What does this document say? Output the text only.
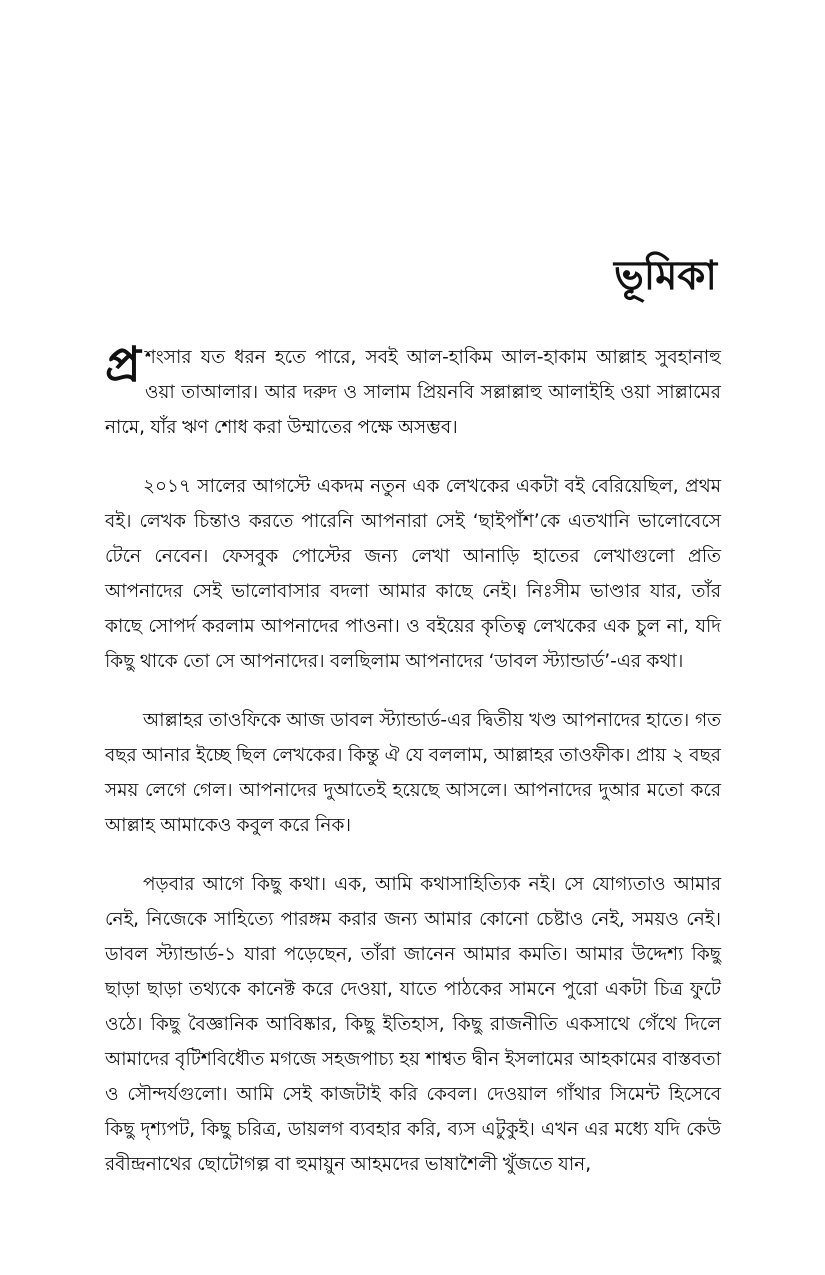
ভূমিকা

প্র শংসার যত ধরন হতে পারে, সবই আল-হাকিম আল-হাকাম আল্লাহ সুবহানাহু ওয়া তাআলার। আর দরুদ ও সালাম প্রিয়নবি সল্লাল্লাহু আলাইহি ওয়া সাল্লামের নামে, যাঁর ঋণ শোধ করা উম্মাতের পক্ষে অসম্ভব।

২০১৭ সালের আগস্টে একদম নতুন এক লেখকের একটা বই বেরিয়েছিল, প্রথম বই। লেখক চিন্তাও করতে পারেনি আপনারা সেই ‘ছাইপাঁশ’কে এতখানি ভালোবেসে টেনে নেবেন। ফেসবুক পোস্টের জন্য লেখা আনাড়ি হাতের লেখাগুলো প্রতি আপনাদের সেই ভালোবাসার বদলা আমার কাছে নেই। নিঃসীম ভাণ্ডার যার, তাঁর কাছে সোপর্দ করলাম আপনাদের পাওনা। ও বইয়ের কৃতিত্ব লেখকের এক চুল না, যদি কিছু থাকে তো সে আপনাদের। বলছিলাম আপনাদের ‘ডাবল স্ট্যান্ডার্ড’-এর কথা।

আল্লাহর তাওফিকে আজ ডাবল স্ট্যান্ডার্ড-এর দ্বিতীয় খণ্ড আপনাদের হাতে। গত বছর আনার ইচ্ছে ছিল লেখকের। কিন্তু ঐ যে বললাম, আল্লাহর তাওফীক। প্রায় ২ বছর সময় লেগে গেল। আপনাদের দুআতেই হয়েছে আসলে। আপনাদের দুআর মতো করে আল্লাহ আমাকেও কবুল করে নিক।

পড়বার আগে কিছু কথা। এক, আমি কথাসাহিত্যিক নই। সে যোগ্যতাও আমার নেই, নিজেকে সাহিত্যে পারঙ্গম করার জন্য আমার কোনো চেষ্টাও নেই, সময়ও নেই। ডাবল স্ট্যান্ডার্ড-১ যারা পড়েছেন, তাঁরা জানেন আমার কমতি। আমার উদ্দেশ্য কিছু ছাড়া ছাড়া তথ্যকে কানেক্ট করে দেওয়া, যাতে পাঠকের সামনে পুরো একটা চিত্র ফুটে ওঠে। কিছু বৈজ্ঞানিক আবিষ্কার, কিছু ইতিহাস, কিছু রাজনীতি একসাথে গেঁথে দিলে আমাদের বৃটিশবিধৌত মগজে সহজপাচ্য হয় শাশ্বত দ্বীন ইসলামের আহকামের বাস্তবতা ও সৌন্দর্যগুলো। আমি সেই কাজটাই করি কেবল। দেওয়াল গাঁথার সিমেন্ট হিসেবে কিছু দৃশ্যপট, কিছু চরিত্র, ডায়লগ ব্যবহার করি, ব্যস এটুকুই। এখন এর মধ্যে যদি কেউ রবীন্দ্রনাথের ছোটোগল্প বা হুমায়ুন আহমদের ভাষাশৈলী খুঁজতে যান,
